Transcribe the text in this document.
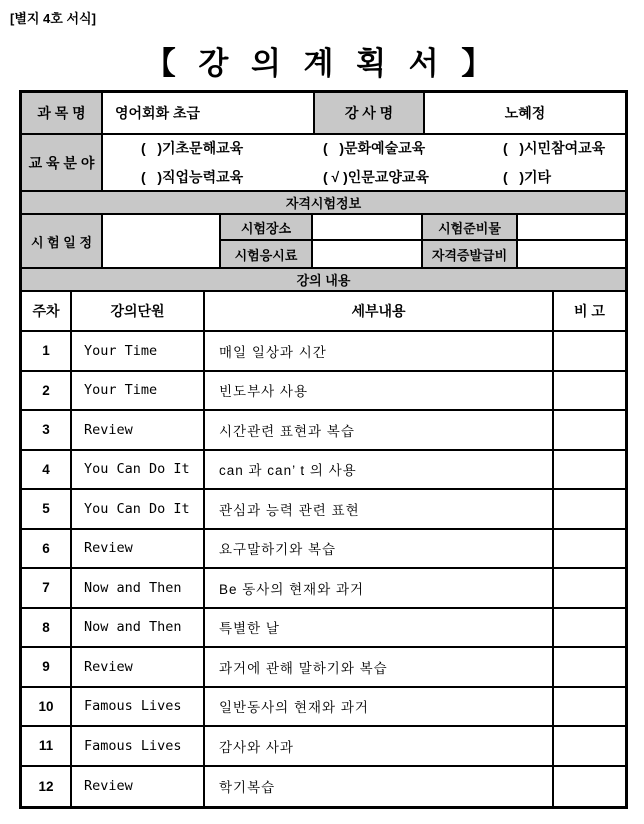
[별지 4호 서식]
【 강 의 계 획 서 】
과 목 명	영어회화 초급	강 사 명	노혜정
교 육 분 야
(   )기초문해교육	(   )문화예술교육	(   )시민참여교육
(   )직업능력교육	( √ )인문교양교육	(   )기타
자격시험정보
시 험 일 정
시험장소	시험준비물
시험응시료	자격증발급비
강의 내용
주차	강의단원	세부내용	비 고
1	Your Time	매일 일상과 시간
2	Your Time	빈도부사 사용
3	Review	시간관련 표현과 복습
4	You Can Do It	can 과 can’ t 의 사용
5	You Can Do It	관심과 능력 관련 표현
6	Review	요구말하기와 복습
7	Now and Then	Be 동사의 현재와 과거
8	Now and Then	특별한 날
9	Review	과거에 관해 말하기와 복습
10	Famous Lives	일반동사의 현재와 과거
11	Famous Lives	감사와 사과
12	Review	학기복습
